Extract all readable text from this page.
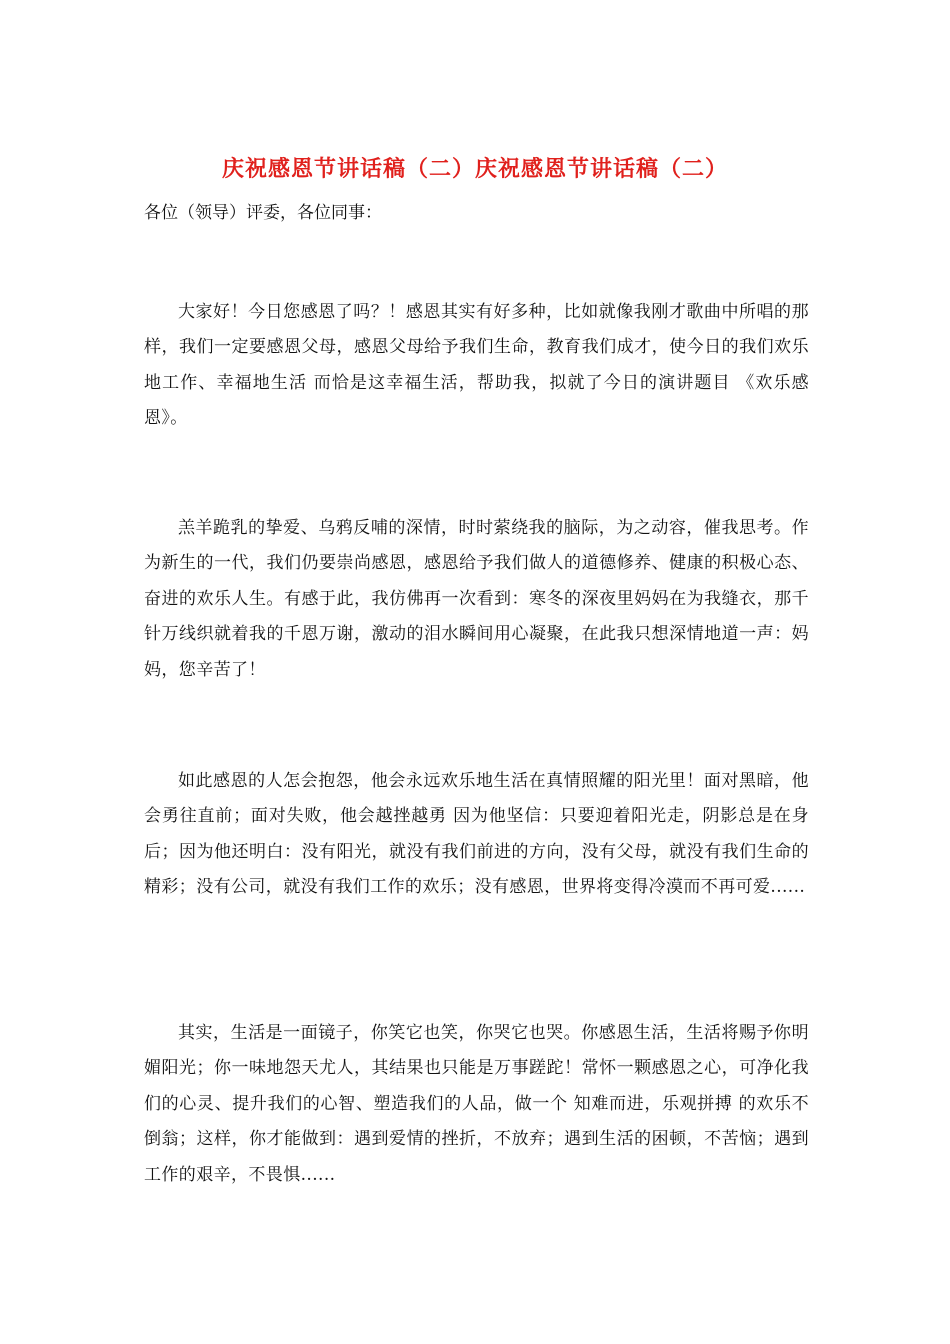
庆祝感恩节讲话稿（二）庆祝感恩节讲话稿（二）
各位（领导）评委，各位同事：

大家好！今日您感恩了吗？！感恩其实有好多种，比如就像我刚才歌曲中所唱的那样，我们一定要感恩父母，感恩父母给予我们生命，教育我们成才，使今日的我们欢乐地工作、幸福地生活 而恰是这幸福生活，帮助我，拟就了今日的演讲题目 《欢乐感恩》。

羔羊跪乳的挚爱、乌鸦反哺的深情，时时萦绕我的脑际，为之动容，催我思考。作为新生的一代，我们仍要崇尚感恩，感恩给予我们做人的道德修养、健康的积极心态、奋进的欢乐人生。有感于此，我仿佛再一次看到：寒冬的深夜里妈妈在为我缝衣，那千针万线织就着我的千恩万谢，激动的泪水瞬间用心凝聚，在此我只想深情地道一声：妈妈，您辛苦了！

如此感恩的人怎会抱怨，他会永远欢乐地生活在真情照耀的阳光里！面对黑暗，他会勇往直前；面对失败，他会越挫越勇 因为他坚信：只要迎着阳光走，阴影总是在身后；因为他还明白：没有阳光，就没有我们前进的方向，没有父母，就没有我们生命的精彩；没有公司，就没有我们工作的欢乐；没有感恩，世界将变得冷漠而不再可爱......

其实，生活是一面镜子，你笑它也笑，你哭它也哭。你感恩生活，生活将赐予你明媚阳光；你一味地怨天尤人，其结果也只能是万事蹉跎！常怀一颗感恩之心，可净化我们的心灵、提升我们的心智、塑造我们的人品，做一个 知难而进，乐观拼搏 的欢乐不倒翁；这样，你才能做到：遇到爱情的挫折，不放弃；遇到生活的困顿，不苦恼；遇到工作的艰辛，不畏惧......
